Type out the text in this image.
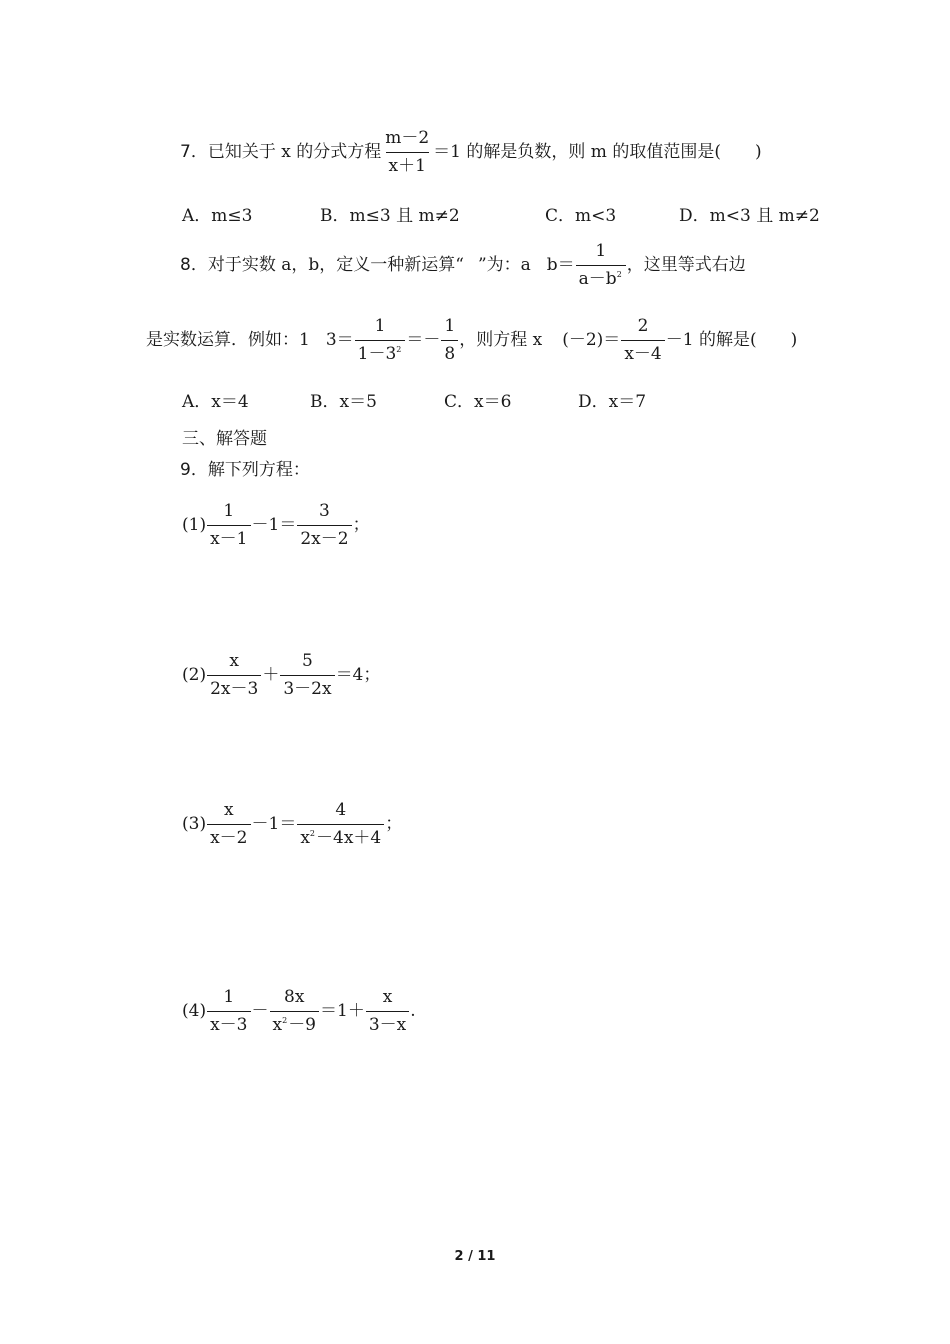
7． 已知关于 x 的分式方程 $\frac{m-2}{x+1} =1$ 的解是负数，则 m 的取值范围是(　　)
A．m≤3	B．m≤3 且 m≠2	C．m<3	D．m<3 且 m≠2
8． 对于实数 a，b，定义一种新运算“ ”为：a $b= \frac{1}{a-b^2}$ ，这里等式右边
是实数运算．例如：1 $3= \frac{1}{1-3^2} =- \frac{1}{8}$ ，则方程 x $(-2)= \frac{2}{x-4} -1$ 的解是(　　)
A．x＝4	B．x＝5	C．x＝6	D．x＝7
三、解答题
9． 解下列方程：
$(1) \frac{1}{x-1} -1= \frac{3}{2x-2}$ ；
$(2) \frac{x}{2x-3} + \frac{5}{3-2x} =4$；
$(3) \frac{x}{x-2} -1= \frac{4}{x^2-4x+4}$ ；
$(4) \frac{1}{x-3} - \frac{8x}{x^2-9} =1+ \frac{x}{3-x}$ .
2 / 11
